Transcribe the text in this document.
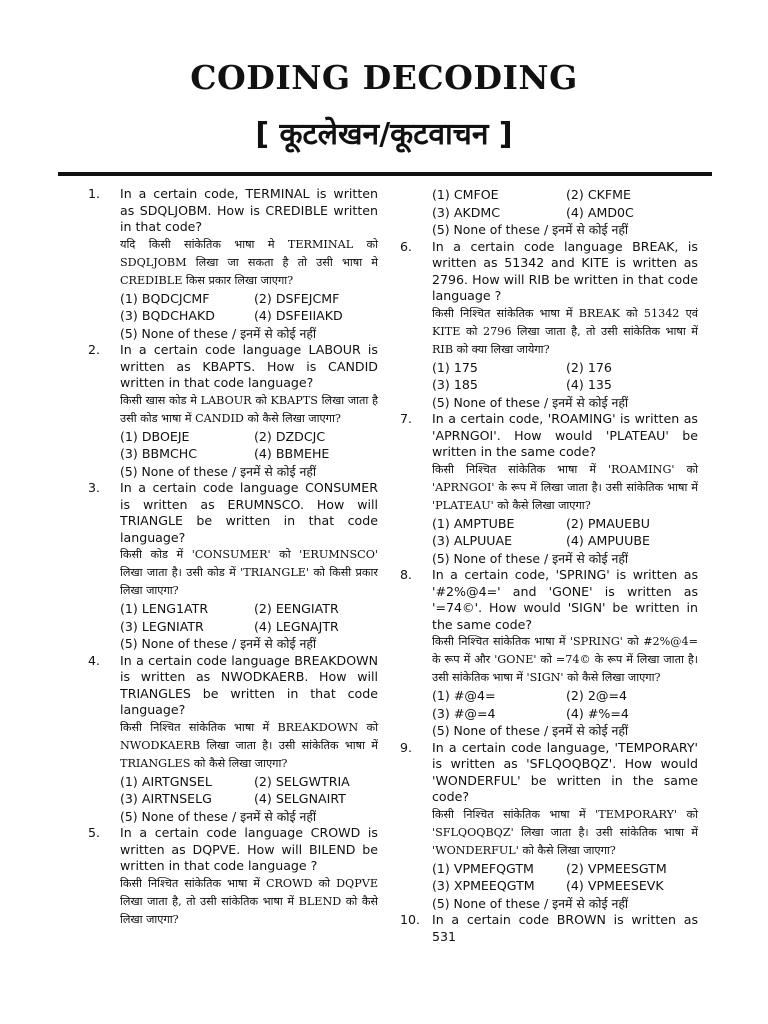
CODING DECODING
[ कूटलेखन/कूटवाचन ]
1. In a certain code, TERMINAL is written as SDQLJOBM. How is CREDIBLE written in that code?

यदि किसी सांकेतिक भाषा मे TERMINAL को SDQLJOBM लिखा जा सकता है तो उसी भाषा मे CREDIBLE किस प्रकार लिखा जाएगा?

(1) BQDCJCMF	(2) DSFEJCMF
(3) BQDCHAKD	(4) DSFEIIAKD
(5) None of these / इनमें से कोई नहीं
2. In a certain code language LABOUR is written as KBAPTS. How is CANDID written in that code language?

किसी खास कोड मे LABOUR को KBAPTS लिखा जाता है उसी कोड भाषा में CANDID को कैसे लिखा जाएगा?

(1) DBOEJE	(2) DZDCJC
(3) BBMCHC	(4) BBMEHE
(5) None of these / इनमें से कोई नहीं
3. In a certain code language CONSUMER is written as ERUMNSCO. How will TRIANGLE be written in that code language?

किसी कोड में 'CONSUMER' को 'ERUMNSCO' लिखा जाता है। उसी कोड में 'TRIANGLE' को किसी प्रकार लिखा जाएगा?

(1) LENG1ATR	(2) EENGIATR
(3) LEGNIATR	(4) LEGNAJTR
(5) None of these / इनमें से कोई नहीं
4. In a certain code language BREAKDOWN is written as NWODKAERB. How will TRIANGLES be written in that code language?

किसी निश्चित सांकेतिक भाषा में BREAKDOWN को NWODKAERB लिखा जाता है। उसी सांकेतिक भाषा में TRIANGLES को कैसे लिखा जाएगा?

(1) AIRTGNSEL	(2) SELGWTRIA
(3) AIRTNSELG	(4) SELGNAIRT
(5) None of these / इनमें से कोई नहीं
5. In a certain code language CROWD is written as DQPVE. How will BILEND be written in that code language ?

किसी निश्चित सांकेतिक भाषा में CROWD को DQPVE लिखा जाता है, तो उसी सांकेतिक भाषा में BLEND को कैसे लिखा जाएगा?

(1) CMFOE	(2) CKFME
(3) AKDMC	(4) AMD0C
(5) None of these / इनमें से कोई नहीं
6. In a certain code language BREAK, is written as 51342 and KITE is written as 2796. How will RIB be written in that code language ?

किसी निश्चित सांकेतिक भाषा में BREAK को 51342 एवं KITE को 2796 लिखा जाता है, तो उसी सांकेतिक भाषा में RIB को क्या लिखा जायेगा?

(1) 175	(2) 176
(3) 185	(4) 135
(5) None of these / इनमें से कोई नहीं
7. In a certain code, 'ROAMING' is written as 'APRNGOI'. How would 'PLATEAU' be written in the same code?

किसी निश्चित सांकेतिक भाषा में 'ROAMING' को 'APRNGOI' के रूप में लिखा जाता है। उसी सांकेतिक भाषा में 'PLATEAU' को कैसे लिखा जाएगा?

(1) AMPTUBE	(2) PMAUEBU
(3) ALPUUAE	(4) AMPUUBE
(5) None of these / इनमें से कोई नहीं
8. In a certain code, 'SPRING' is written as '#2%@4=' and 'GONE' is written as '=74©'. How would 'SIGN' be written in the same code?

किसी निश्चित सांकेतिक भाषा में 'SPRING' को #2%@4= के रूप में और 'GONE' को =74© के रूप में लिखा जाता है। उसी सांकेतिक भाषा में 'SIGN' को कैसे लिखा जाएगा?

(1) #@4=	(2) 2@=4
(3) #@=4	(4) #%=4
(5) None of these / इनमें से कोई नहीं
9. In a certain code language, 'TEMPORARY' is written as 'SFLQOQBQZ'. How would 'WONDERFUL' be written in the same code?

किसी निश्चित सांकेतिक भाषा में 'TEMPORARY' को 'SFLQOQBQZ' लिखा जाता है। उसी सांकेतिक भाषा में 'WONDERFUL' को कैसे लिखा जाएगा?

(1) VPMEFQGTM	(2) VPMEESGTM
(3) XPMEEQGTM	(4) VPMEESEVK
(5) None of these / इनमें से कोई नहीं
10. In a certain code BROWN is written as 531
